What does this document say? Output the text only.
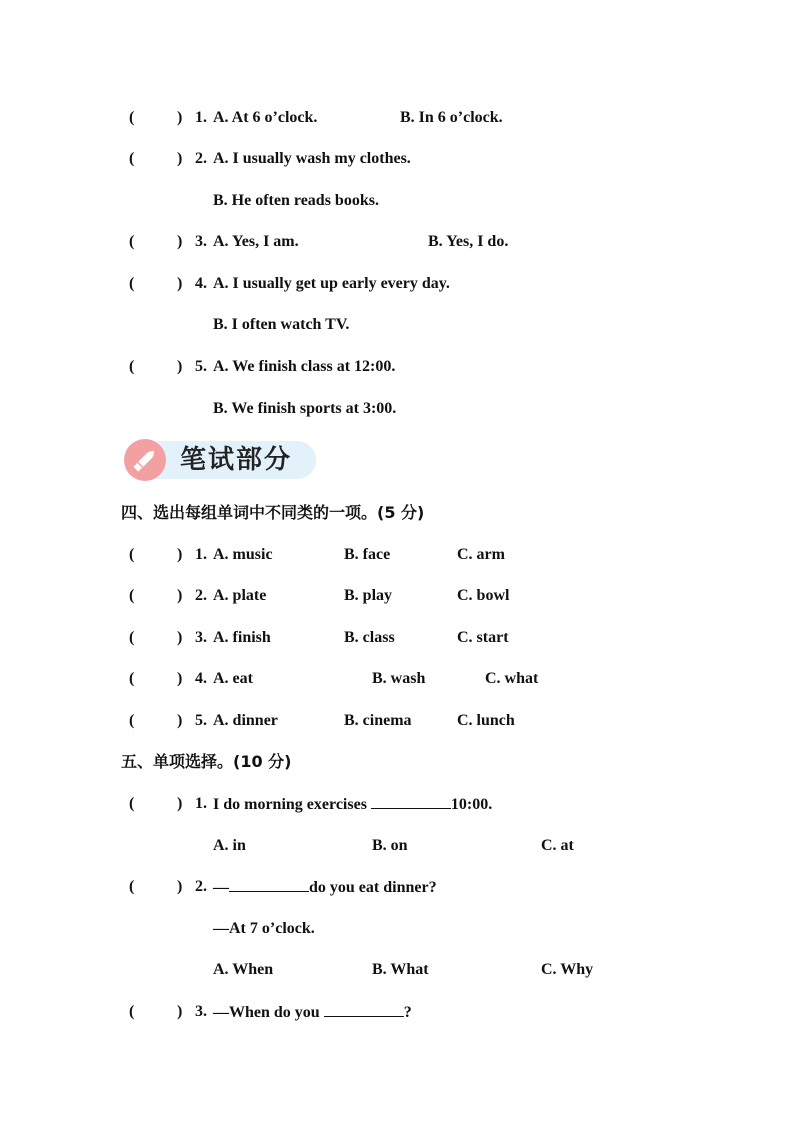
(	) 1. A. At 6 o’clock.	B. In 6 o’clock.
(	) 2. A. I usually wash my clothes.
B. He often reads books.
(	) 3. A. Yes, I am.	B. Yes, I do.
(	) 4. A. I usually get up early every day.
B. I often watch TV.
(	) 5. A. We finish class at 12:00.
B. We finish sports at 3:00.
笔试部分
四、选出每组单词中不同类的一项。(5 分)
(	) 1. A. music	B. face	C. arm
(	) 2. A. plate	B. play	C. bowl
(	) 3. A. finish	B. class	C. start
(	) 4. A. eat	B. wash	C. what
(	) 5. A. dinner	B. cinema	C. lunch
五、单项选择。(10 分)
(	) 1. I do morning exercises	10:00.
A. in	B. on	C. at
(	) 2. —	do you eat dinner?
—At 7 o’clock.
A. When	B. What	C. Why
(	) 3. —When do you	?
